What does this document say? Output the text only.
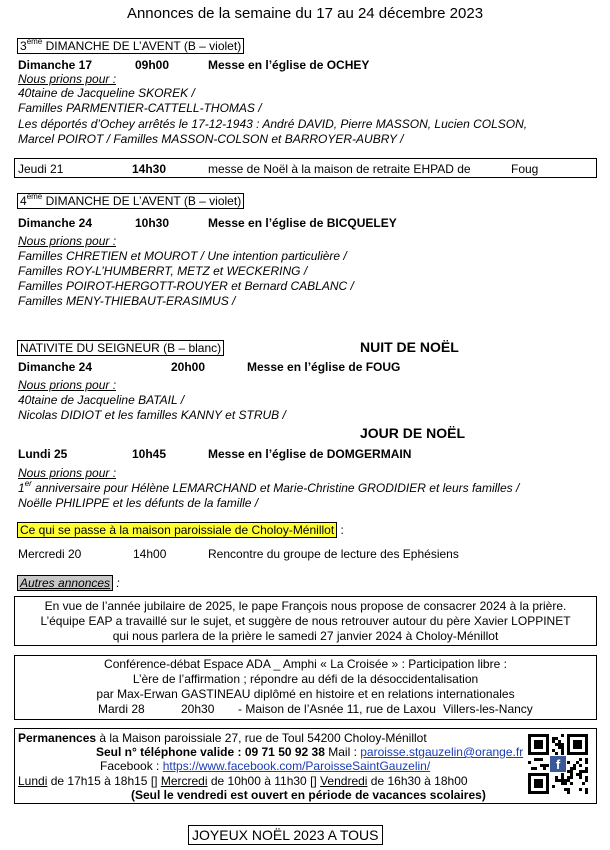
Annonces de la semaine du 17 au 24 décembre 2023
3ème DIMANCHE DE L’AVENT (B – violet)
Dimanche 17	09h00	Messe en l’église de OCHEY
Nous prions pour :
40taine de Jacqueline SKOREK /
Familles PARMENTIER-CATTELL-THOMAS /
Les déportés d’Ochey arrêtés le 17-12-1943 : André DAVID, Pierre MASSON, Lucien COLSON,
Marcel POIROT / Familles MASSON-COLSON et BARROYER-AUBRY /
Jeudi 21	14h30	messe de Noël à la maison de retraite EHPAD de	Foug
4ème DIMANCHE DE L’AVENT (B – violet)
Dimanche 24	10h30	Messe en l’église de BICQUELEY
Nous prions pour :
Familles CHRETIEN et MOUROT / Une intention particulière /
Familles ROY-L’HUMBERRT, METZ et WECKERING /
Familles POIROT-HERGOTT-ROUYER et Bernard CABLANC /
Familles MENY-THIEBAUT-ERASIMUS /
NATIVITE DU SEIGNEUR (B – blanc)	NUIT DE NOËL
Dimanche 24	20h00	Messe en l’église de FOUG
Nous prions pour :
40taine de Jacqueline BATAIL /
Nicolas DIDIOT et les familles KANNY et STRUB /
JOUR DE NOËL
Lundi 25	10h45	Messe en l’église de DOMGERMAIN
Nous prions pour :
1er anniversaire pour Hélène LEMARCHAND et Marie-Christine GRODIDIER et leurs familles /
Noëlle PHILIPPE et les défunts de la famille /
Ce qui se passe à la maison paroissiale de Choloy-Ménillot :
Mercredi 20	14h00	Rencontre du groupe de lecture des Ephésiens
Autres annonces :
En vue de l’année jubilaire de 2025, le pape François nous propose de consacrer 2024 à la prière.
L’équipe EAP a travaillé sur le sujet, et suggère de nous retrouver autour du père Xavier LOPPINET
qui nous parlera de la prière le samedi 27 janvier 2024 à Choloy-Ménillot
Conférence-débat Espace ADA _ Amphi « La Croisée » : Participation libre :
L’ère de l’affirmation ; répondre au défi de la désoccidentalisation
par Max-Erwan GASTINEAU diplômé en histoire et en relations internationales
Mardi 28	20h30 - Maison de l’Asnée 11, rue de Laxou Villers-les-Nancy
Permanences à la Maison paroissiale 27, rue de Toul 54200 Choloy-Ménillot
Seul n° téléphone valide : 09 71 50 92 38 Mail : paroisse.stgauzelin@orange.fr
Facebook : https://www.facebook.com/ParoisseSaintGauzelin/
Lundi de 17h15 à 18h15 [] Mercredi de 10h00 à 11h30 [] Vendredi de 16h30 à 18h00
(Seul le vendredi est ouvert en période de vacances scolaires)
f
JOYEUX NOËL 2023 A TOUS
